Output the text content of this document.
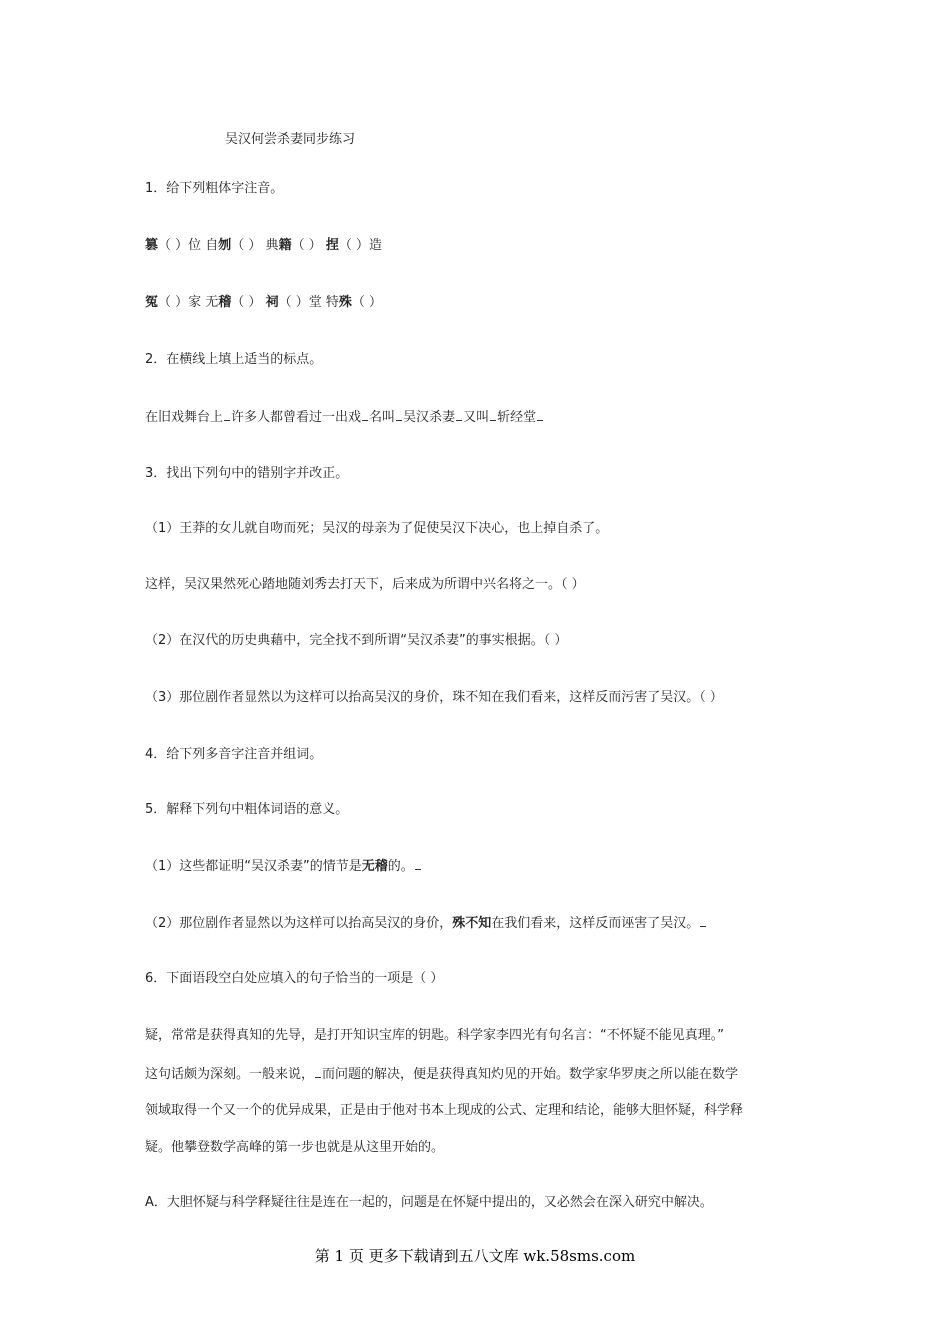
吴汉何尝杀妻同步练习
1．给下列粗体字注音。
篡（ ）位 自刎（ ） 典籍（ ） 捏（ ）造
冤（ ）家 无稽（ ） 祠（ ）堂 特殊（ ）
2．在横线上填上适当的标点。
在旧戏舞台上 许多人都曾看过一出戏 名叫 吴汉杀妻 又叫 斩经堂
3．找出下列句中的错别字并改正。
（1）王莽的女儿就自吻而死；吴汉的母亲为了促使吴汉下决心，也上掉自杀了。
这样，吴汉果然死心踏地随刘秀去打天下，后来成为所谓中兴名将之一。（ ）
（2）在汉代的历史典藉中，完全找不到所谓“吴汉杀妻”的事实根据。（ ）
（3）那位剧作者显然以为这样可以抬高吴汉的身价，珠不知在我们看来，这样反而污害了吴汉。（ ）
4．给下列多音字注音并组词。
5．解释下列句中粗体词语的意义。
（1）这些都证明“吴汉杀妻”的情节是无稽的。
（2）那位剧作者显然以为这样可以抬高吴汉的身价，殊不知在我们看来，这样反而诬害了吴汉。
6．下面语段空白处应填入的句子恰当的一项是（ ）
疑，常常是获得真知的先导，是打开知识宝库的钥匙。科学家李四光有句名言：“不怀疑不能见真理。”
这句话颇为深刻。一般来说， 而问题的解决，便是获得真知灼见的开始。数学家华罗庚之所以能在数学
领域取得一个又一个的优异成果，正是由于他对书本上现成的公式、定理和结论，能够大胆怀疑，科学释
疑。他攀登数学高峰的第一步也就是从这里开始的。
A．大胆怀疑与科学释疑往往是连在一起的，问题是在怀疑中提出的，又必然会在深入研究中解决。
第 1 页 更多下载请到五八文库 wk.58sms.com
